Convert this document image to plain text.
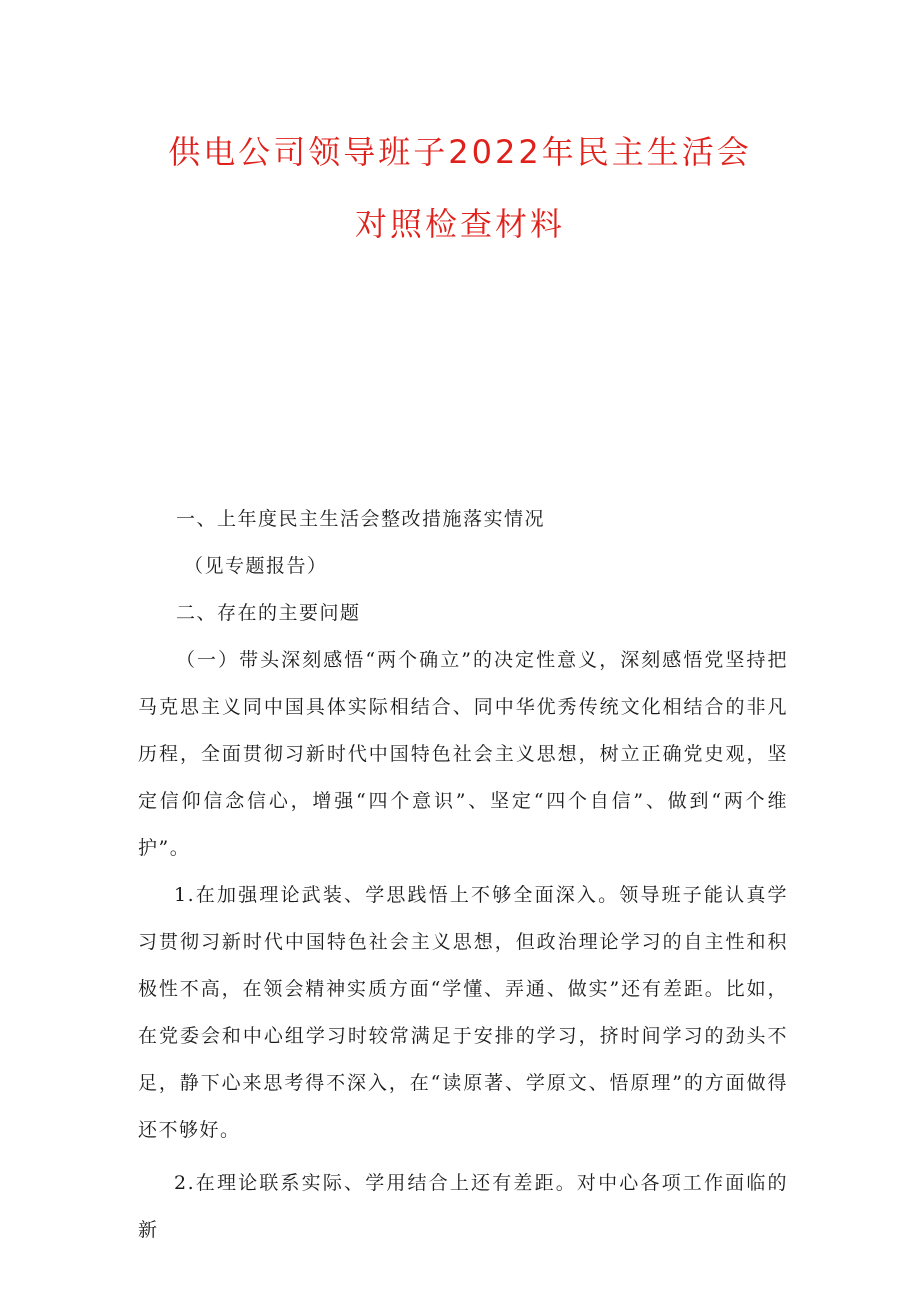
供电公司领导班子2022年民主生活会
对照检查材料

一、上年度民主生活会整改措施落实情况

（见专题报告）

二、存在的主要问题

（一）带头深刻感悟“两个确立”的决定性意义，深刻感悟党坚持把马克思主义同中国具体实际相结合、同中华优秀传统文化相结合的非凡历程，全面贯彻习新时代中国特色社会主义思想，树立正确党史观，坚定信仰信念信心，增强“四个意识”、坚定“四个自信”、做到“两个维护”。

1.在加强理论武装、学思践悟上不够全面深入。领导班子能认真学习贯彻习新时代中国特色社会主义思想，但政治理论学习的自主性和积极性不高，在领会精神实质方面“学懂、弄通、做实”还有差距。比如，在党委会和中心组学习时较常满足于安排的学习，挤时间学习的劲头不足，静下心来思考得不深入，在“读原著、学原文、悟原理”的方面做得还不够好。

2.在理论联系实际、学用结合上还有差距。对中心各项工作面临的新
